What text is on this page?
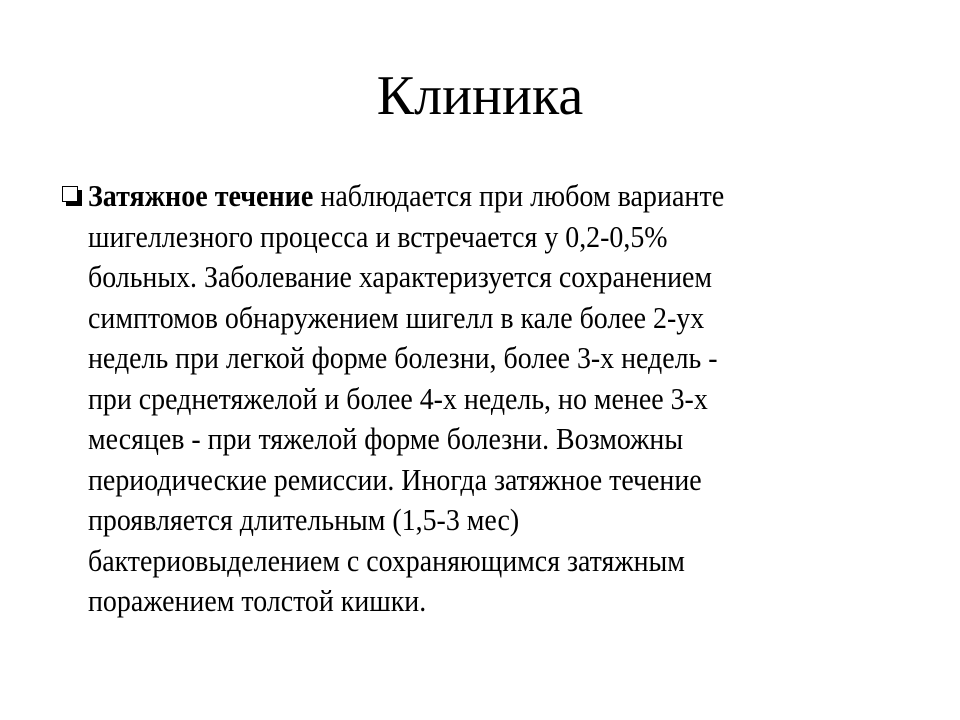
Клиника
Затяжное течение наблюдается при любом варианте
шигеллезного процесса и встречается у 0,2-0,5%
больных. Заболевание характеризуется сохранением
симптомов обнаружением шигелл в кале более 2-ух
недель при легкой форме болезни, более 3-х недель -
при среднетяжелой и более 4-х недель, но менее 3-х
месяцев - при тяжелой форме болезни. Возможны
периодические ремиссии. Иногда затяжное течение
проявляется длительным (1,5-3 мес)
бактериовыделением с сохраняющимся затяжным
поражением толстой кишки.
